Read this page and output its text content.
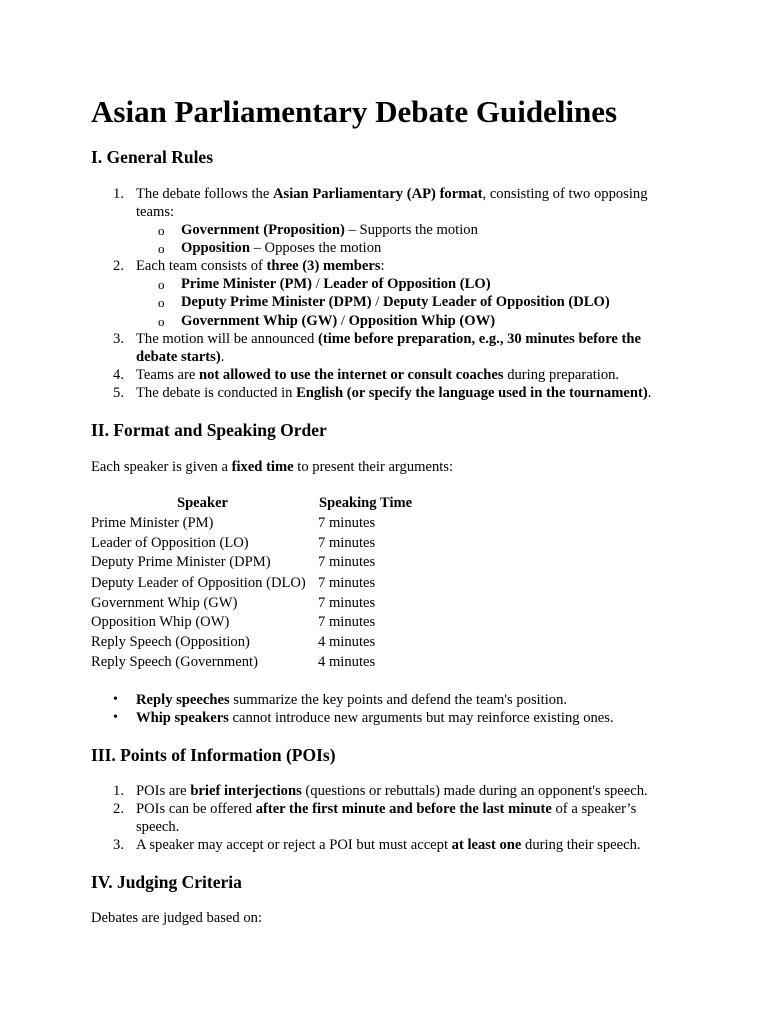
Asian Parliamentary Debate Guidelines
I. General Rules
1. The debate follows the Asian Parliamentary (AP) format, consisting of two opposing
teams:
o Government (Proposition) – Supports the motion
o Opposition – Opposes the motion
2. Each team consists of three (3) members:
o Prime Minister (PM) / Leader of Opposition (LO)
o Deputy Prime Minister (DPM) / Deputy Leader of Opposition (DLO)
o Government Whip (GW) / Opposition Whip (OW)
3. The motion will be announced (time before preparation, e.g., 30 minutes before the
debate starts).
4. Teams are not allowed to use the internet or consult coaches during preparation.
5. The debate is conducted in English (or specify the language used in the tournament).
II. Format and Speaking Order
Each speaker is given a fixed time to present their arguments:
Speaker	Speaking Time
Prime Minister (PM)	7 minutes
Leader of Opposition (LO)	7 minutes
Deputy Prime Minister (DPM)	7 minutes
Deputy Leader of Opposition (DLO) 7 minutes
Government Whip (GW)	7 minutes
Opposition Whip (OW)	7 minutes
Reply Speech (Opposition)	4 minutes
Reply Speech (Government)	4 minutes
• Reply speeches summarize the key points and defend the team's position.
• Whip speakers cannot introduce new arguments but may reinforce existing ones.
III. Points of Information (POIs)
1. POIs are brief interjections (questions or rebuttals) made during an opponent's speech.
2. POIs can be offered after the first minute and before the last minute of a speaker’s
speech.
3. A speaker may accept or reject a POI but must accept at least one during their speech.
IV. Judging Criteria
Debates are judged based on:
